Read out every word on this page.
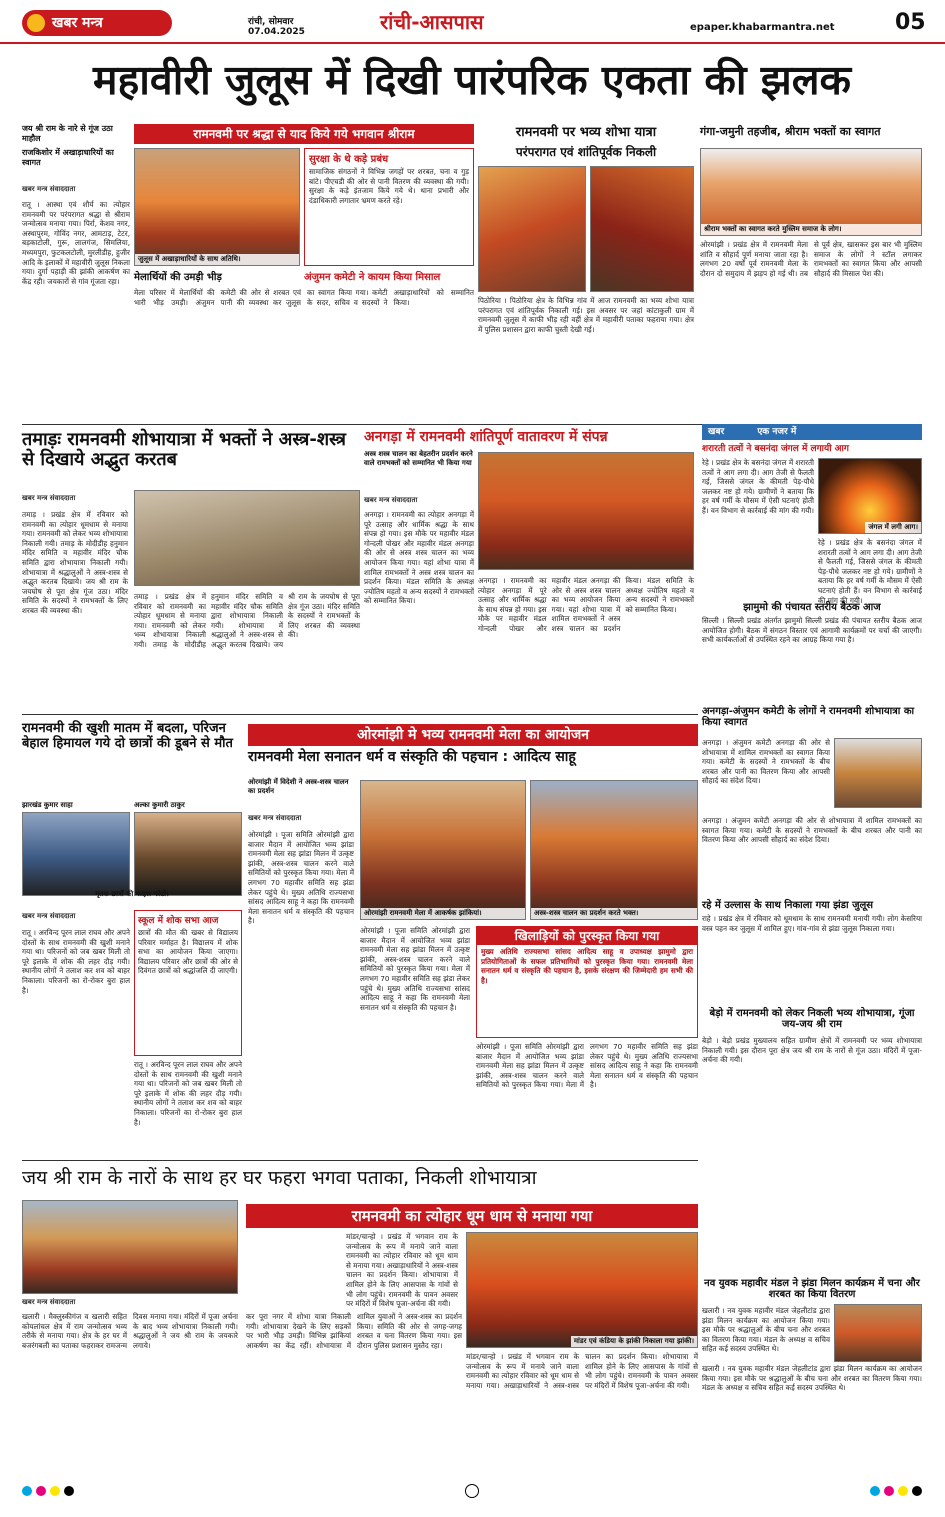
खबर मन्त्र	रांची, सोमवार
07.04.2025	रांची-आसपास	epaper.khabarmantra.net	05
महावीरी जुलूस में दिखी पारंपरिक एकता की झलक
जय श्री राम के नारे से गूंज उठा माहौल
राजकिशोर में अखाड़ाधारियों का स्वागत
खबर मन्त्र संवाददाता
रातू । आस्था एवं शौर्य का त्योहार रामनवमी पर परंपरागत श्रद्धा से श्रीराम जन्मोत्सव मनाया गया। पिर्रा, केशव नगर, अस्थापुरम, गोविंद नगर, आमटाड़, टेटर, बड़काटोली, गुरू, लालगंज, सिमलिया, मध्यमपुरा, फुटकलटोली, मुरलीडीह, हुजीर आदि के इलाकों में महावीरी जुलूस निकला गया। दुर्गा पहाड़ी की झांकी आकर्षण का केंद्र रही। जयकारों से गांव गूंजता रहा।
रामनवमी पर श्रद्धा से याद किये गये भगवान श्रीराम
जुलूस में अखाड़ाधारियों के साथ अतिथि।
सुरक्षा के थे कड़े प्रबंध
सामाजिक संगठनों ने विभिन्न जगहों पर शरबत, चना व गुड़ बांटे। पीएचडी की ओर से पानी वितरण की व्यवस्था की गयी। सुरक्षा के कड़े इंतजाम किये गये थे। थाना प्रभारी और दंडाधिकारी लगातार भ्रमण करते रहे।
मेलार्थियों की उमड़ी भीड़	अंजुमन कमेटी ने कायम किया मिसाल
मेला परिसर में मेलार्थियों की भारी भीड़ उमड़ी। अंजुमन कमेटी की ओर से शरबत एवं पानी की व्यवस्था कर जुलूस का स्वागत किया गया। कमेटी के सदर, सचिव व सदस्यों ने अखाड़ाधारियों को सम्मानित किया।
रामनवमी पर भव्य शोभा यात्रा
परंपरागत एवं शांतिपूर्वक निकली
पिठोरिया । पिठोरिया क्षेत्र के विभिन्न गांव में आज रामनवमी का भव्य शोभा यात्रा परंपरागत एवं शांतिपूर्वक निकाली गई। इस अवसर पर जहां कांटाकुली ग्राम में रामनवमी जुलूस में काफी भीड़ रही वहीं क्षेत्र में महावीरी पताका फहराया गया। क्षेत्र में पुलिस प्रशासन द्वारा काफी चुस्ती देखी गई।
गंगा-जमुनी तहजीब, श्रीराम भक्तों का स्वागत
श्रीराम भक्तों का स्वागत करते मुस्लिम समाज के लोग।
ओरमांझी । प्रखंड क्षेत्र में रामनवमी मेला शांति व सौहार्द पूर्ण मनाया जाता रहा है। लगभग 20 वर्षों पूर्व रामनवमी मेला के दौरान दो समुदाय में झड़प हो गई थी। तब से पूर्व क्षेत्र, खासकर इस बार भी मुस्लिम समाज के लोगों ने स्टॉल लगाकर रामभक्तों का स्वागत किया और आपसी सौहार्द की मिसाल पेश की।
तमाड़ः रामनवमी शोभायात्रा में भक्तों ने अस्त्र-शस्त्र से दिखाये अद्भुत करतब
खबर मन्त्र संवाददाता
तमाड़ । प्रखंड क्षेत्र में रविवार को रामनवमी का त्योहार धूमधाम से मनाया गया। रामनवमी को लेकर भव्य शोभायात्रा निकाली गयी। तमाड़ के मोदीडीह हनुमान मंदिर समिति व महावीर मंदिर चौक समिति द्वारा शोभायात्रा निकाली गयी। शोभायात्रा में श्रद्धालुओं ने अस्त्र-शस्त्र से अद्भुत करतब दिखाये। जय श्री राम के जयघोष से पूरा क्षेत्र गूंज उठा। मंदिर समिति के सदस्यों ने रामभक्तों के लिए शरबत की व्यवस्था की।
तमाड़ । प्रखंड क्षेत्र में रविवार को रामनवमी का त्योहार धूमधाम से मनाया गया। रामनवमी को लेकर भव्य शोभायात्रा निकाली गयी। तमाड़ के मोदीडीह हनुमान मंदिर समिति व महावीर मंदिर चौक समिति द्वारा शोभायात्रा निकाली गयी। शोभायात्रा में श्रद्धालुओं ने अस्त्र-शस्त्र से अद्भुत करतब दिखाये। जय श्री राम के जयघोष से पूरा क्षेत्र गूंज उठा। मंदिर समिति के सदस्यों ने रामभक्तों के लिए शरबत की व्यवस्था की।
अनगड़ा में रामनवमी शांतिपूर्ण वातावरण में संपन्न
अस्त्र शस्त्र चालन का बेहतरीन प्रदर्शन करने वाले रामभक्तों को सम्मानित भी किया गया
खबर मन्त्र संवाददाता
अनगड़ा । रामनवमी का त्योहार अनगड़ा में पूरे उत्साह और धार्मिक श्रद्धा के साथ संपन्न हो गया। इस मौके पर महावीर मंडल गोन्दली पोखर और महावीर मंडल अनगड़ा की ओर से अस्त्र शस्त्र चालन का भव्य आयोजन किया गया। यहां शोभा यात्रा में शामिल रामभक्तों ने अस्त्र शस्त्र चालन का प्रदर्शन किया। मंडल समिति के अध्यक्ष ज्योतिष महतो व अन्य सदस्यों ने रामभक्तों को सम्मानित किया।
अनगड़ा । रामनवमी का त्योहार अनगड़ा में पूरे उत्साह और धार्मिक श्रद्धा के साथ संपन्न हो गया। इस मौके पर महावीर मंडल गोन्दली पोखर और महावीर मंडल अनगड़ा की ओर से अस्त्र शस्त्र चालन का भव्य आयोजन किया गया। यहां शोभा यात्रा में शामिल रामभक्तों ने अस्त्र शस्त्र चालन का प्रदर्शन किया। मंडल समिति के अध्यक्ष ज्योतिष महतो व अन्य सदस्यों ने रामभक्तों को सम्मानित किया।
खबर	एक नजर में
शरारती तत्वों ने बसनंदा जंगल में लगायी आग
रेहे । प्रखंड क्षेत्र के बसनंदा जंगल में शरारती तत्वों ने आग लगा दी। आग तेजी से फैलती गई, जिससे जंगल के कीमती पेड़-पौधे जलकर नष्ट हो गये। ग्रामीणों ने बताया कि हर वर्ष गर्मी के मौसम में ऐसी घटनाएं होती हैं। वन विभाग से कार्रवाई की मांग की गयी।
जंगल में लगी आग।
रेहे । प्रखंड क्षेत्र के बसनंदा जंगल में शरारती तत्वों ने आग लगा दी। आग तेजी से फैलती गई, जिससे जंगल के कीमती पेड़-पौधे जलकर नष्ट हो गये। ग्रामीणों ने बताया कि हर वर्ष गर्मी के मौसम में ऐसी घटनाएं होती हैं। वन विभाग से कार्रवाई की मांग की गयी।
झामुमो की पंचायत स्तरीय बैठक आज
सिल्ली । सिल्ली प्रखंड अंतर्गत झामुमो सिल्ली प्रखंड की पंचायत स्तरीय बैठक आज आयोजित होगी। बैठक में संगठन विस्तार एवं आगामी कार्यक्रमों पर चर्चा की जाएगी। सभी कार्यकर्ताओं से उपस्थित रहने का आग्रह किया गया है।
अनगड़ा-अंजुमन कमेटी के लोगों ने रामनवमी शोभायात्रा का किया स्वागत
अनगड़ा । अंजुमन कमेटी अनगड़ा की ओर से शोभायात्रा में शामिल रामभक्तों का स्वागत किया गया। कमेटी के सदस्यों ने रामभक्तों के बीच शरबत और पानी का वितरण किया और आपसी सौहार्द का संदेश दिया।
अनगड़ा । अंजुमन कमेटी अनगड़ा की ओर से शोभायात्रा में शामिल रामभक्तों का स्वागत किया गया। कमेटी के सदस्यों ने रामभक्तों के बीच शरबत और पानी का वितरण किया और आपसी सौहार्द का संदेश दिया।
रहे में उल्लास के साथ निकाला गया झंडा जुलूस
राहे । प्रखंड क्षेत्र में रविवार को धूमधाम के साथ रामनवमी मनायी गयी। लोग केसरिया वस्त्र पहन कर जुलूस में शामिल हुए। गांव-गांव से झंडा जुलूस निकाला गया।
बेड़ो में रामनवमी को लेकर निकली भव्य शोभायात्रा, गूंजा जय-जय श्री राम
बेड़ो । बेड़ो प्रखंड मुख्यालय सहित ग्रामीण क्षेत्रों में रामनवमी पर भव्य शोभायात्रा निकाली गयी। इस दौरान पूरा क्षेत्र जय श्री राम के नारों से गूंज उठा। मंदिरों में पूजा-अर्चना की गयी।
नव युवक महावीर मंडल ने झंडा मिलन कार्यक्रम में चना और शरबत का किया वितरण
खलारी । नव युवक महावीर मंडल जेहलीटांड द्वारा झंडा मिलन कार्यक्रम का आयोजन किया गया। इस मौके पर श्रद्धालुओं के बीच चना और शरबत का वितरण किया गया। मंडल के अध्यक्ष व सचिव सहित कई सदस्य उपस्थित थे।
खलारी । नव युवक महावीर मंडल जेहलीटांड द्वारा झंडा मिलन कार्यक्रम का आयोजन किया गया। इस मौके पर श्रद्धालुओं के बीच चना और शरबत का वितरण किया गया। मंडल के अध्यक्ष व सचिव सहित कई सदस्य उपस्थित थे।
रामनवमी की खुशी मातम में बदला, परिजन बेहाल हिमायल गये दो छात्रों की डूबने से मौत
झारखंड कुमार साहा	अल्का कुमारी ठाकुर
मृतक छात्रों की फाइल फोटो।
खबर मन्त्र संवाददाता
रातू । अरविन्द पूरन लाल राघव और अपने दोस्तों के साथ रामनवमी की खुशी मनाने गया था। परिजनों को जब खबर मिली तो पूरे इलाके में शोक की लहर दौड़ गयी। स्थानीय लोगों ने तलाश कर शव को बाहर निकाला। परिजनों का रो-रोकर बुरा हाल है।
स्कूल में शोक सभा आज
छात्रों की मौत की खबर से विद्यालय परिवार मर्माहत है। विद्यालय में शोक सभा का आयोजन किया जाएगा। विद्यालय परिवार और छात्रों की ओर से दिवंगत छात्रों को श्रद्धांजलि दी जाएगी।
रातू । अरविन्द पूरन लाल राघव और अपने दोस्तों के साथ रामनवमी की खुशी मनाने गया था। परिजनों को जब खबर मिली तो पूरे इलाके में शोक की लहर दौड़ गयी। स्थानीय लोगों ने तलाश कर शव को बाहर निकाला। परिजनों का रो-रोकर बुरा हाल है।
ओरमांझी मे भव्य रामनवमी मेला का आयोजन
रामनवमी मेला सनातन धर्म व संस्कृति की पहचान : आदित्य साहू
ओरमांझी में विदेशी ने अस्त्र-शस्त्र चालन का प्रदर्शन
खबर मन्त्र संवाददाता
ओरमांझी । पूजा समिति ओरमांझी द्वारा बाजार मैदान में आयोजित भव्य झांडा रामनवमी मेला सह झांडा मिलन में उत्कृष्ट झांकी, अस्त्र-शस्त्र चालन करने वाले समितियों को पुरस्कृत किया गया। मेला में लगभग 70 महावीर समिति सह झंडा लेकर पहुंचे थे। मुख्य अतिथि राज्यसभा सांसद आदित्य साहू ने कहा कि रामनवमी मेला सनातन धर्म व संस्कृति की पहचान है।
ओरमांझी रामनवमी मेला में आकर्षक झांकियां।	अस्त्र-शस्त्र चालन का प्रदर्शन करते भक्त।
ओरमांझी । पूजा समिति ओरमांझी द्वारा बाजार मैदान में आयोजित भव्य झांडा रामनवमी मेला सह झांडा मिलन में उत्कृष्ट झांकी, अस्त्र-शस्त्र चालन करने वाले समितियों को पुरस्कृत किया गया। मेला में लगभग 70 महावीर समिति सह झंडा लेकर पहुंचे थे। मुख्य अतिथि राज्यसभा सांसद आदित्य साहू ने कहा कि रामनवमी मेला सनातन धर्म व संस्कृति की पहचान है।
खिलाड़ियों को पुरस्कृत किया गया
मुख्य अतिथि राज्यसभा सांसद आदित्य साहू व उपाध्यक्ष झामुमो द्वारा प्रतियोगिताओं के सफल प्रतिभागियों को पुरस्कृत किया गया। रामनवमी मेला सनातन धर्म व संस्कृति की पहचान है, इसके संरक्षण की जिम्मेदारी हम सभी की है।
ओरमांझी । पूजा समिति ओरमांझी द्वारा बाजार मैदान में आयोजित भव्य झांडा रामनवमी मेला सह झांडा मिलन में उत्कृष्ट झांकी, अस्त्र-शस्त्र चालन करने वाले समितियों को पुरस्कृत किया गया। मेला में लगभग 70 महावीर समिति सह झंडा लेकर पहुंचे थे। मुख्य अतिथि राज्यसभा सांसद आदित्य साहू ने कहा कि रामनवमी मेला सनातन धर्म व संस्कृति की पहचान है।
जय श्री राम के नारों के साथ हर घर फहरा भगवा पताका, निकली शोभायात्रा
रामनवमी का त्योहार धूम धाम से मनाया गया
खबर मन्त्र संवाददाता
खलारी । मैक्लुस्कीगंज व खलारी सहित कोयलांचल क्षेत्र में राम जन्मोत्सव भव्य तरीके से मनाया गया। क्षेत्र के हर घर में बजरंगबली का पताका फहराकर रामजन्म दिवस मनाया गया। मंदिरों में पूजा अर्चना के बाद भव्य शोभायात्रा निकाली गयी। श्रद्धालुओं ने जय श्री राम के जयकारे लगाये।
कर पूरा नगर में शोभा यात्रा निकाली गयी। शोभायात्रा देखने के लिए सड़कों पर भारी भीड़ उमड़ी। विभिन्न झांकियां आकर्षण का केंद्र रहीं। शोभायात्रा में शामिल युवाओं ने अस्त्र-शस्त्र का प्रदर्शन किया। समिति की ओर से जगह-जगह शरबत व चना वितरण किया गया। इस दौरान पुलिस प्रशासन मुस्तैद रहा।
मांडर/चान्हो । प्रखंड में भगवान राम के जन्मोत्सव के रूप में मनाये जाने वाला रामनवमी का त्योहार रविवार को धूम धाम से मनाया गया। अखाड़ाधारियों ने अस्त्र-शस्त्र चालन का प्रदर्शन किया। शोभायात्रा में शामिल होने के लिए आसपास के गांवों से भी लोग पहुंचे। रामनवमी के पावन अवसर पर मंदिरों में विशेष पूजा-अर्चना की गयी।
मांडर एवं कंडिया के झांकी निकाला गया झांकी।
मांडर/चान्हो । प्रखंड में भगवान राम के जन्मोत्सव के रूप में मनाये जाने वाला रामनवमी का त्योहार रविवार को धूम धाम से मनाया गया। अखाड़ाधारियों ने अस्त्र-शस्त्र चालन का प्रदर्शन किया। शोभायात्रा में शामिल होने के लिए आसपास के गांवों से भी लोग पहुंचे। रामनवमी के पावन अवसर पर मंदिरों में विशेष पूजा-अर्चना की गयी।
